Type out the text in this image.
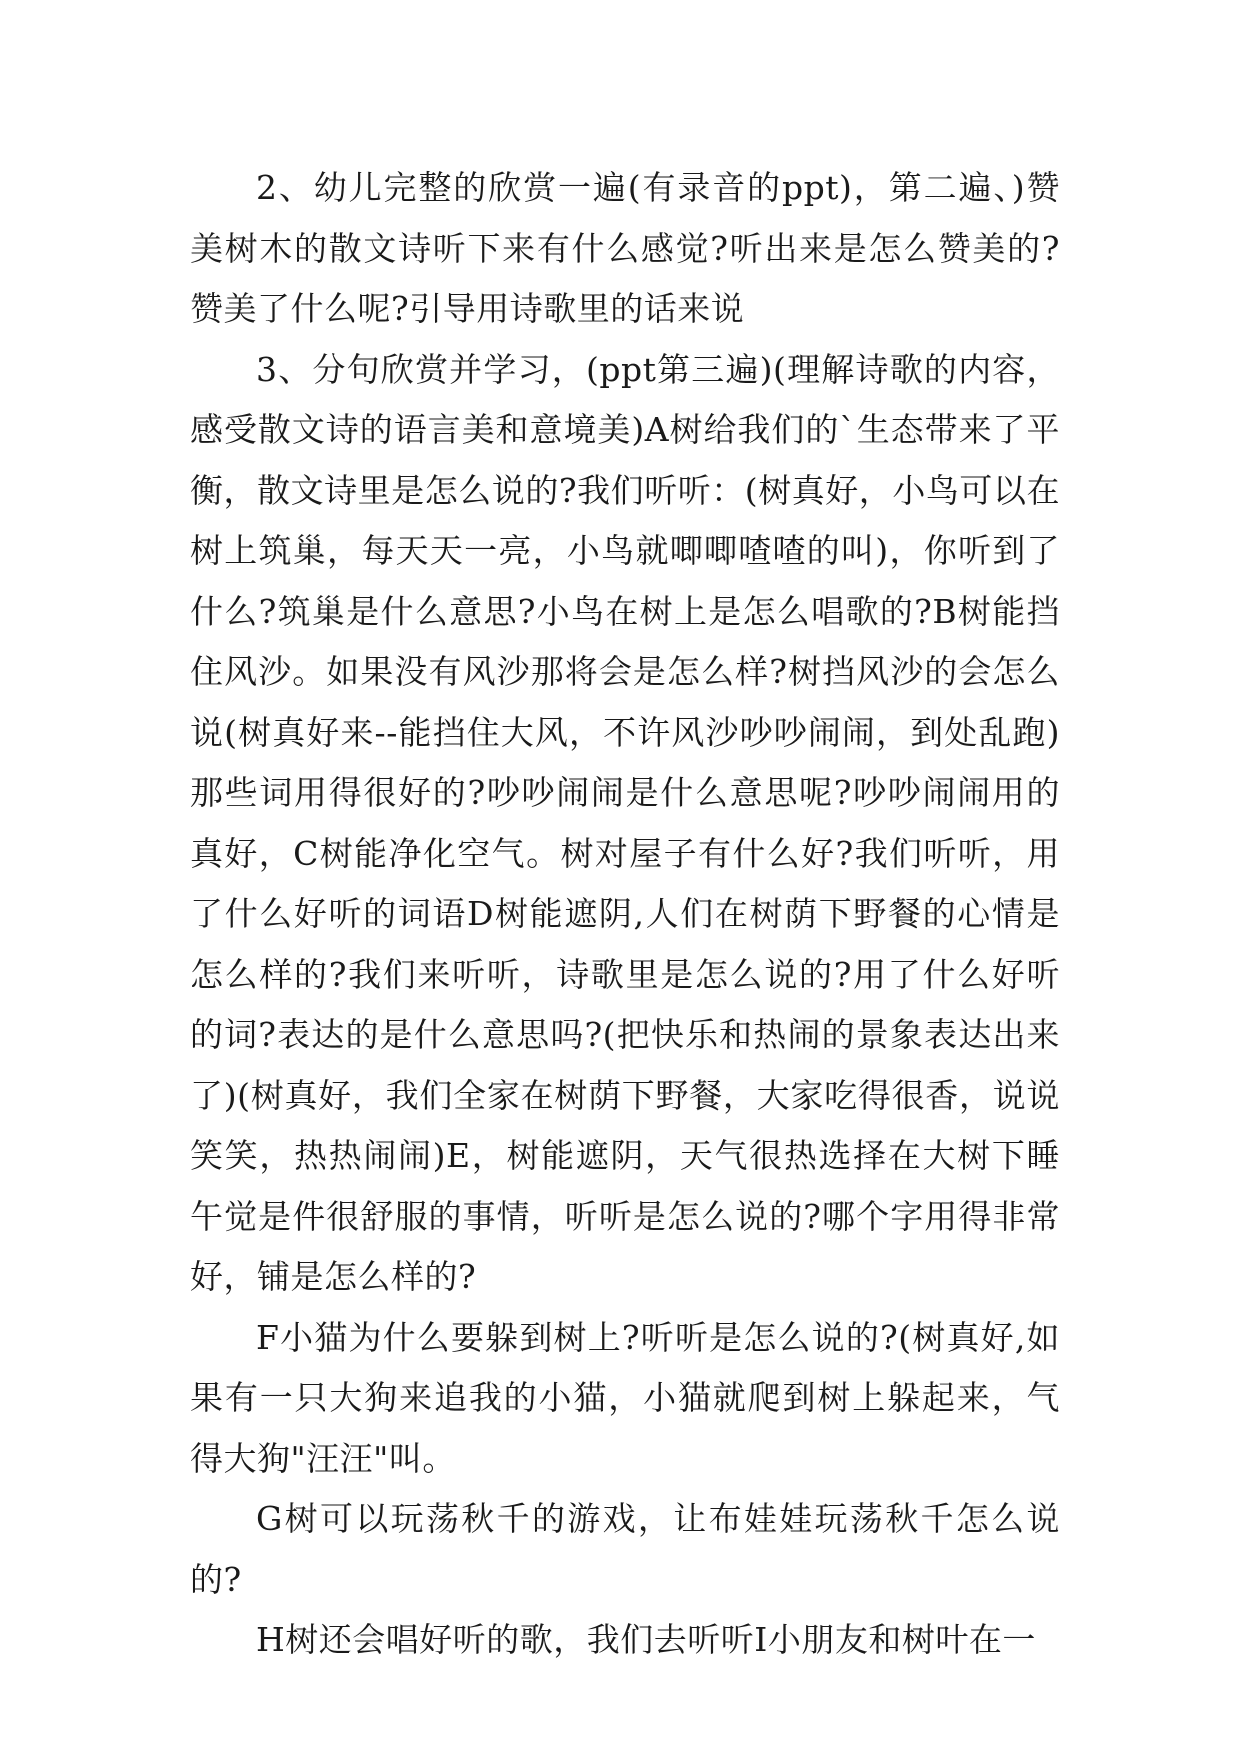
2、幼儿完整的欣赏一遍(有录音的ppt)，第二遍、)赞美树木的散文诗听下来有什么感觉?听出来是怎么赞美的?赞美了什么呢?引导用诗歌里的话来说

3、分句欣赏并学习，(ppt第三遍)(理解诗歌的内容，感受散文诗的语言美和意境美)A树给我们的`生态带来了平衡，散文诗里是怎么说的?我们听听：(树真好，小鸟可以在树上筑巢，每天天一亮，小鸟就唧唧喳喳的叫)，你听到了什么?筑巢是什么意思?小鸟在树上是怎么唱歌的?B树能挡住风沙。如果没有风沙那将会是怎么样?树挡风沙的会怎么说(树真好来--能挡住大风，不许风沙吵吵闹闹，到处乱跑)那些词用得很好的?吵吵闹闹是什么意思呢?吵吵闹闹用的真好，C树能净化空气。树对屋子有什么好?我们听听，用了什么好听的词语D树能遮阴,人们在树荫下野餐的心情是怎么样的?我们来听听，诗歌里是怎么说的?用了什么好听的词?表达的是什么意思吗?(把快乐和热闹的景象表达出来了)(树真好，我们全家在树荫下野餐，大家吃得很香，说说笑笑，热热闹闹)E，树能遮阴，天气很热选择在大树下睡午觉是件很舒服的事情，听听是怎么说的?哪个字用得非常好，铺是怎么样的?

F小猫为什么要躲到树上?听听是怎么说的?(树真好,如果有一只大狗来追我的小猫，小猫就爬到树上躲起来，气得大狗"汪汪"叫。

G树可以玩荡秋千的游戏，让布娃娃玩荡秋千怎么说的?

H树还会唱好听的歌，我们去听听I小朋友和树叶在一
